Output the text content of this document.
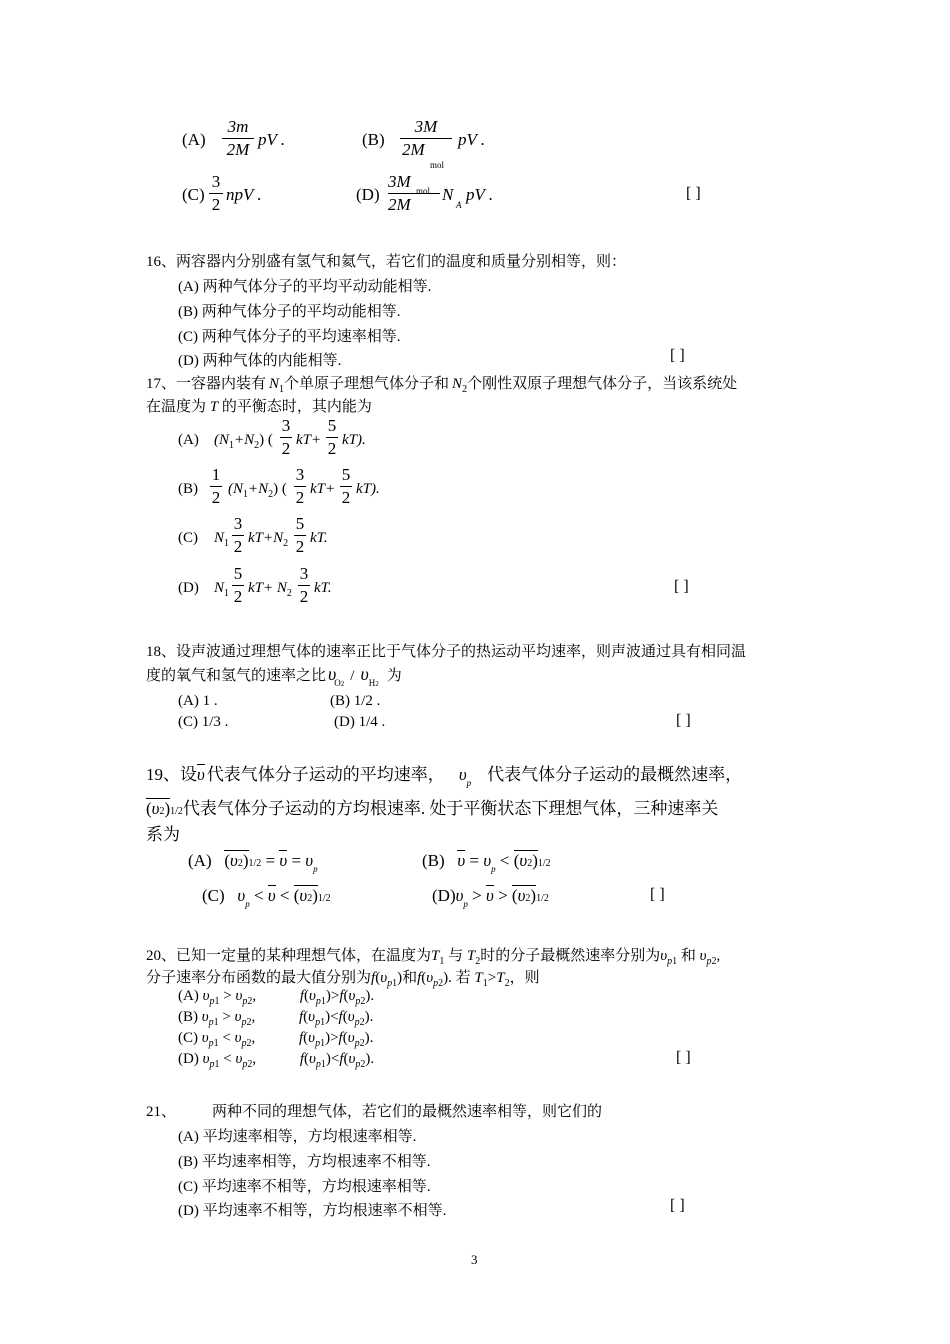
(A)
3m
2M
pV .	(B)
3M
2M
mol
pV .
(C)
3
2
npV .	(D)
3M
2M
mol N
A
pV .	[ ]
16、两容器内分别盛有氢气和氦气，若它们的温度和质量分别相等，则：
(A) 两种气体分子的平均平动动能相等.
(B) 两种气体分子的平均动能相等.
(C) 两种气体分子的平均速率相等.
(D) 两种气体的内能相等.	[ ]
17、一容器内装有 $N_1$个单原子理想气体分子和 $N_2$个刚性双原子理想气体分子，当该系统处
在温度为 T 的平衡态时，其内能为
(A) $(N_1+N_2)$ (
3
2 kT+
5
2 kT).
(B)
1
2 $(N_1+N_2)$ (
3
2 kT+
5
2 kT).
(C) $N_1$
3
2 $kT+N_2$
5
2 kT.
(D) $N_1$
5
2 $kT+ N_2$
3
2 kT.	[ ]
18、设声波通过理想气体的速率正比于气体分子的热运动平均速率，则声波通过具有相同温
度的氧气和氢气的速率之比 $\upsilon_{O2} / \upsilon_{H2}$ 为
(A) 1 .	(B) 1/2 .
(C) 1/3 .	(D) 1/4 .	[ ]
19、设υ 代表气体分子运动的平均速率， $\upsilon_p$ 代表气体分子运动的最概然速率，
(υ2)1/2代表气体分子运动的方均根速率. 处于平衡状态下理想气体，三种速率关
系为
(A) $(\upsilon 2)1/2 = \upsilon = \upsilon_p$	(B) $\upsilon = \upsilon_p < (\upsilon 2)1/2$
(C) $\upsilon_p < \upsilon < (\upsilon 2)1/2$	$(D)\upsilon_p > \upsilon > (\upsilon 2)1/2$	[ ]
20、已知一定量的某种理想气体，在温度为$T_1$ 与 $T_2$时的分子最概然速率分别为$\upsilon_{p1}$ 和 $\upsilon_{p2}$,
分子速率分布函数的最大值分别为$f(\upsilon_{p1})$和$f(\upsilon_{p2})$. 若 $T_1>T_2$，则
(A) $\upsilon_{p1} > \upsilon_{p2}$,	$f(\upsilon_{p1})>f(\upsilon_{p2})$.
(B) $\upsilon_{p1} > \upsilon_{p2}$,	$f(\upsilon_{p1})<f(\upsilon_{p2})$.
(C) $\upsilon_{p1} < \upsilon_{p2}$,	$f(\upsilon_{p1})>f(\upsilon_{p2})$.
(D) $\upsilon_{p1} < \upsilon_{p2}$,	$f(\upsilon_{p1})<f(\upsilon_{p2})$.	[ ]
21、 两种不同的理想气体，若它们的最概然速率相等，则它们的
(A) 平均速率相等，方均根速率相等.
(B) 平均速率相等，方均根速率不相等.
(C) 平均速率不相等，方均根速率相等.
(D) 平均速率不相等，方均根速率不相等.	[ ]
3
